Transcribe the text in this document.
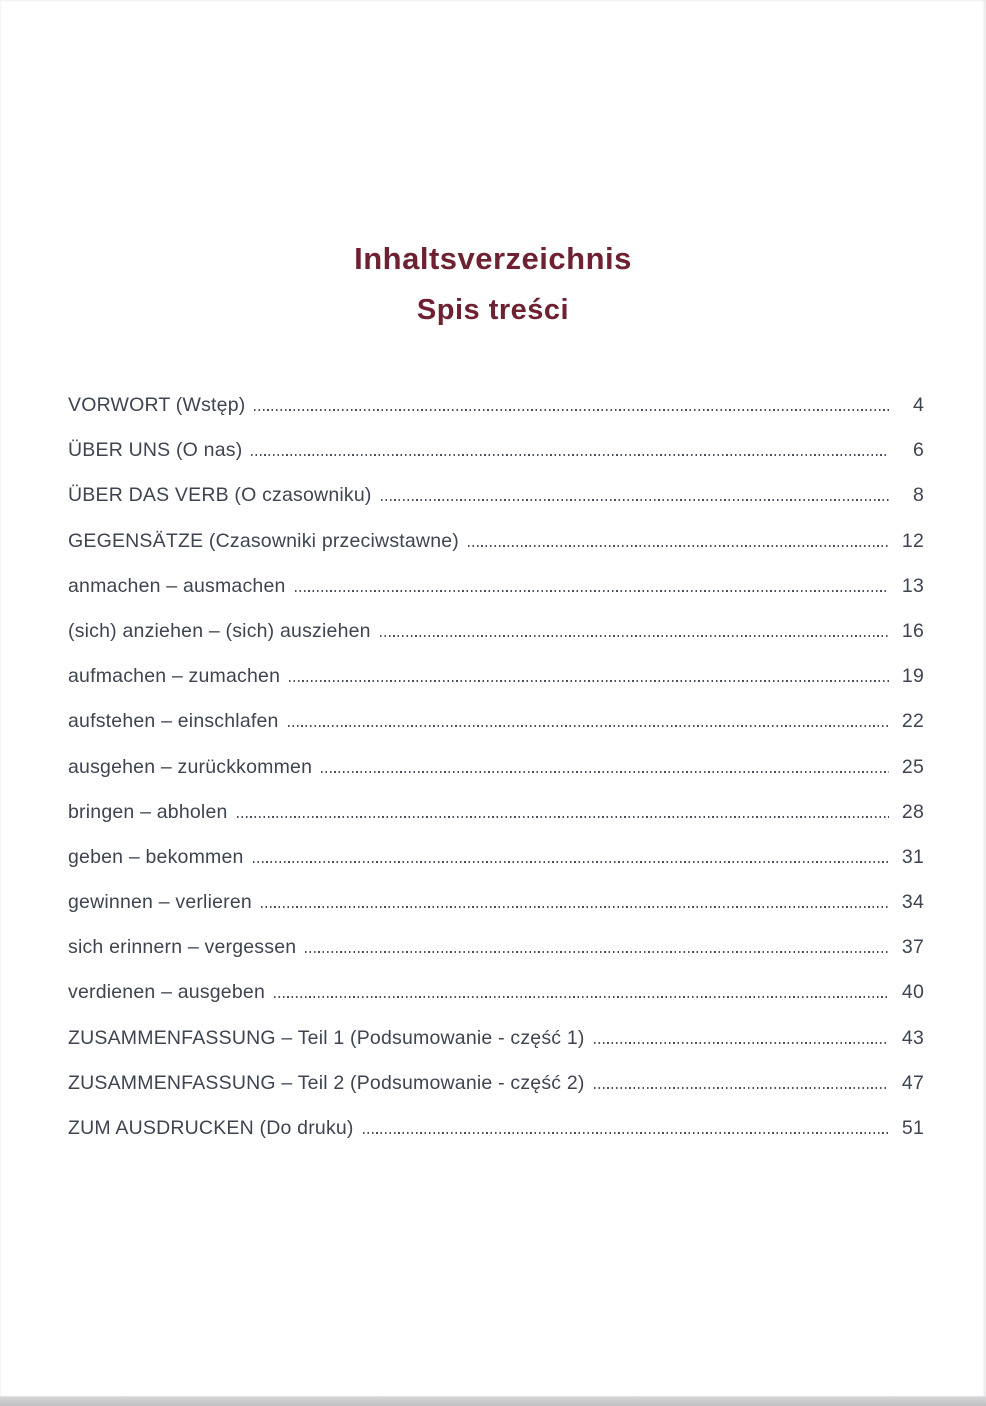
Inhaltsverzeichnis
Spis treści
VORWORT (Wstęp)	4
ÜBER UNS (O nas)	6
ÜBER DAS VERB (O czasowniku)	8
GEGENSÄTZE (Czasowniki przeciwstawne)	12
anmachen – ausmachen	13
(sich) anziehen – (sich) ausziehen	16
aufmachen – zumachen	19
aufstehen – einschlafen	22
ausgehen – zurückkommen	25
bringen – abholen	28
geben – bekommen	31
gewinnen – verlieren	34
sich erinnern – vergessen	37
verdienen – ausgeben	40
ZUSAMMENFASSUNG – Teil 1 (Podsumowanie - część 1)	43
ZUSAMMENFASSUNG – Teil 2 (Podsumowanie - część 2)	47
ZUM AUSDRUCKEN (Do druku)	51
